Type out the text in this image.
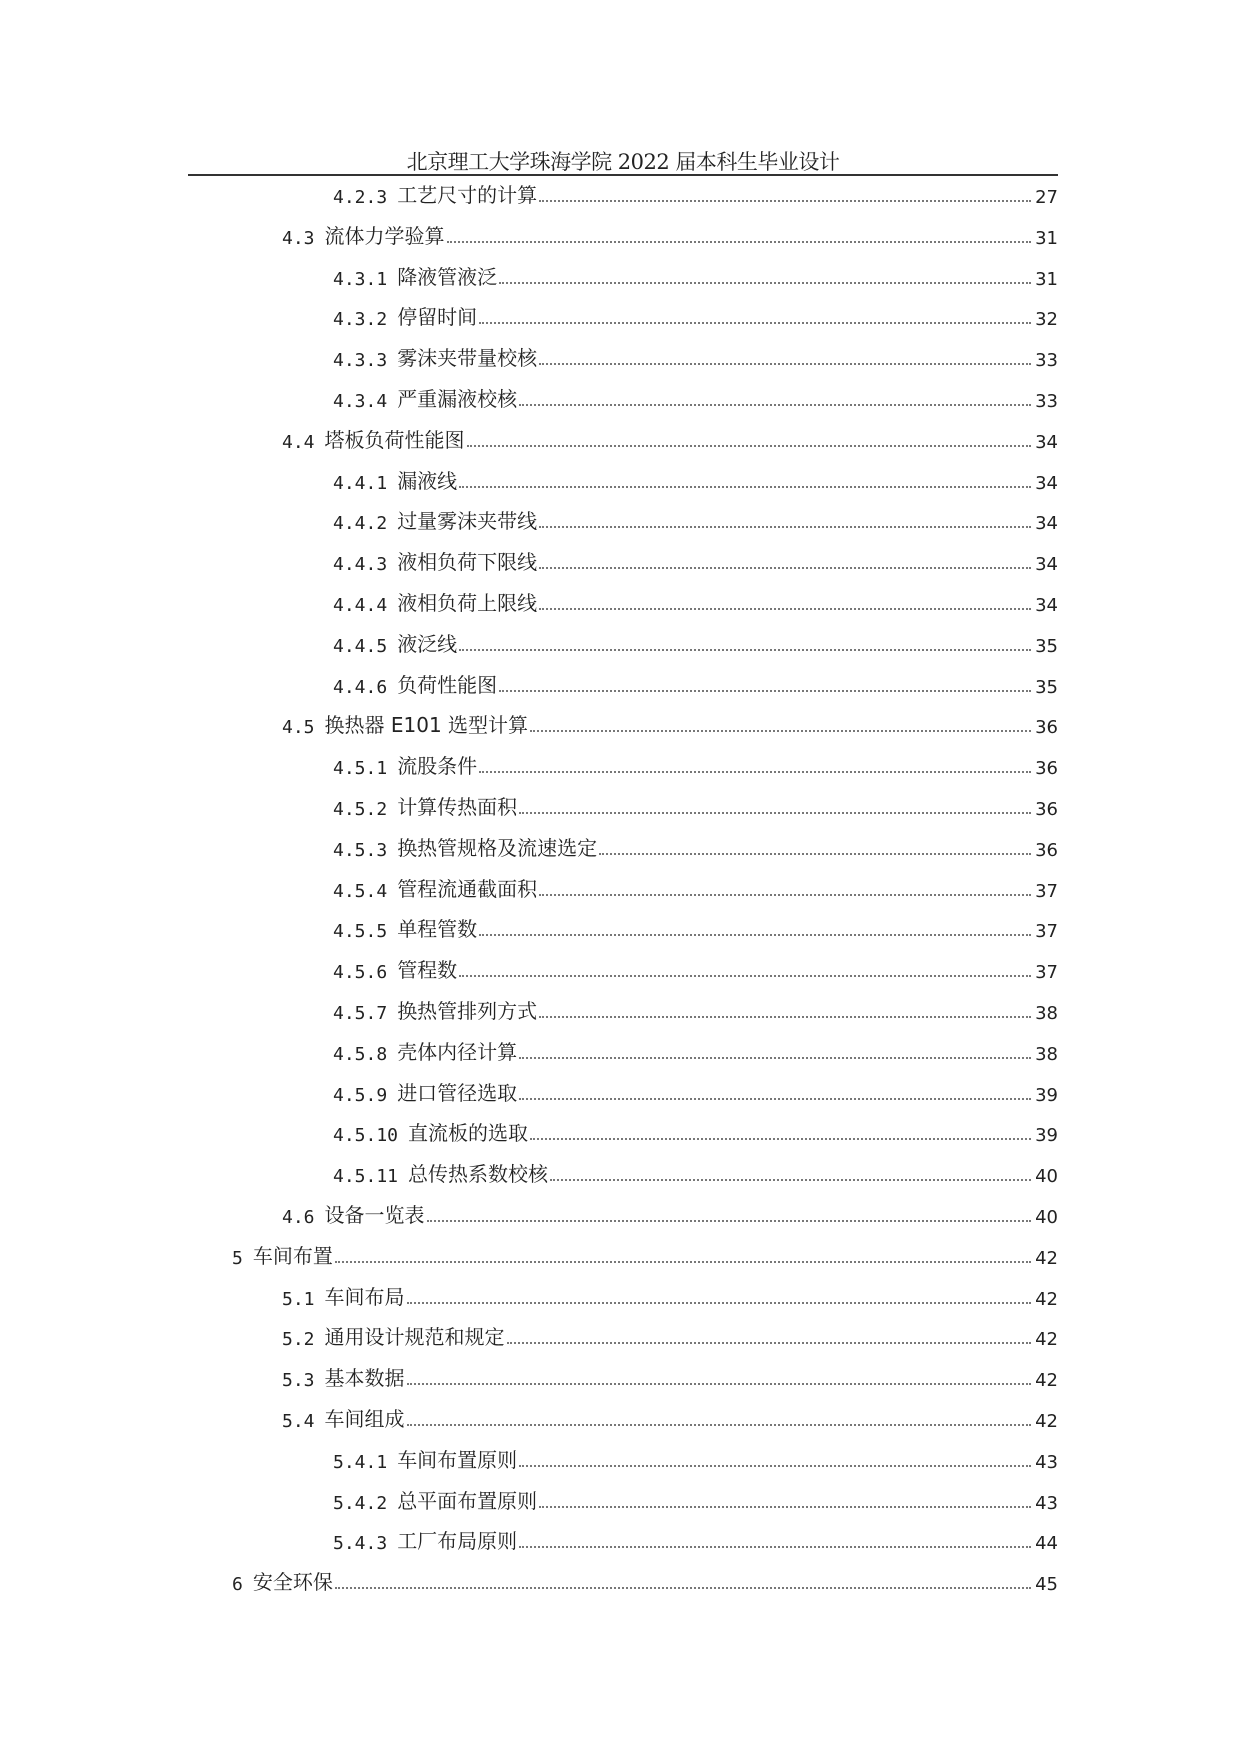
北京理工大学珠海学院 2022 届本科生毕业设计
4.2.3 工艺尺寸的计算	27
4.3 流体力学验算	31
4.3.1 降液管液泛	31
4.3.2 停留时间	32
4.3.3 雾沫夹带量校核	33
4.3.4 严重漏液校核	33
4.4 塔板负荷性能图	34
4.4.1 漏液线	34
4.4.2 过量雾沫夹带线	34
4.4.3 液相负荷下限线	34
4.4.4 液相负荷上限线	34
4.4.5 液泛线	35
4.4.6 负荷性能图	35
4.5 换热器 E101 选型计算	36
4.5.1 流股条件	36
4.5.2 计算传热面积	36
4.5.3 换热管规格及流速选定	36
4.5.4 管程流通截面积	37
4.5.5 单程管数	37
4.5.6 管程数	37
4.5.7 换热管排列方式	38
4.5.8 壳体内径计算	38
4.5.9 进口管径选取	39
4.5.10 直流板的选取	39
4.5.11 总传热系数校核	40
4.6 设备一览表	40
5 车间布置	42
5.1 车间布局	42
5.2 通用设计规范和规定	42
5.3 基本数据	42
5.4 车间组成	42
5.4.1 车间布置原则	43
5.4.2 总平面布置原则	43
5.4.3 工厂布局原则	44
6 安全环保	45
